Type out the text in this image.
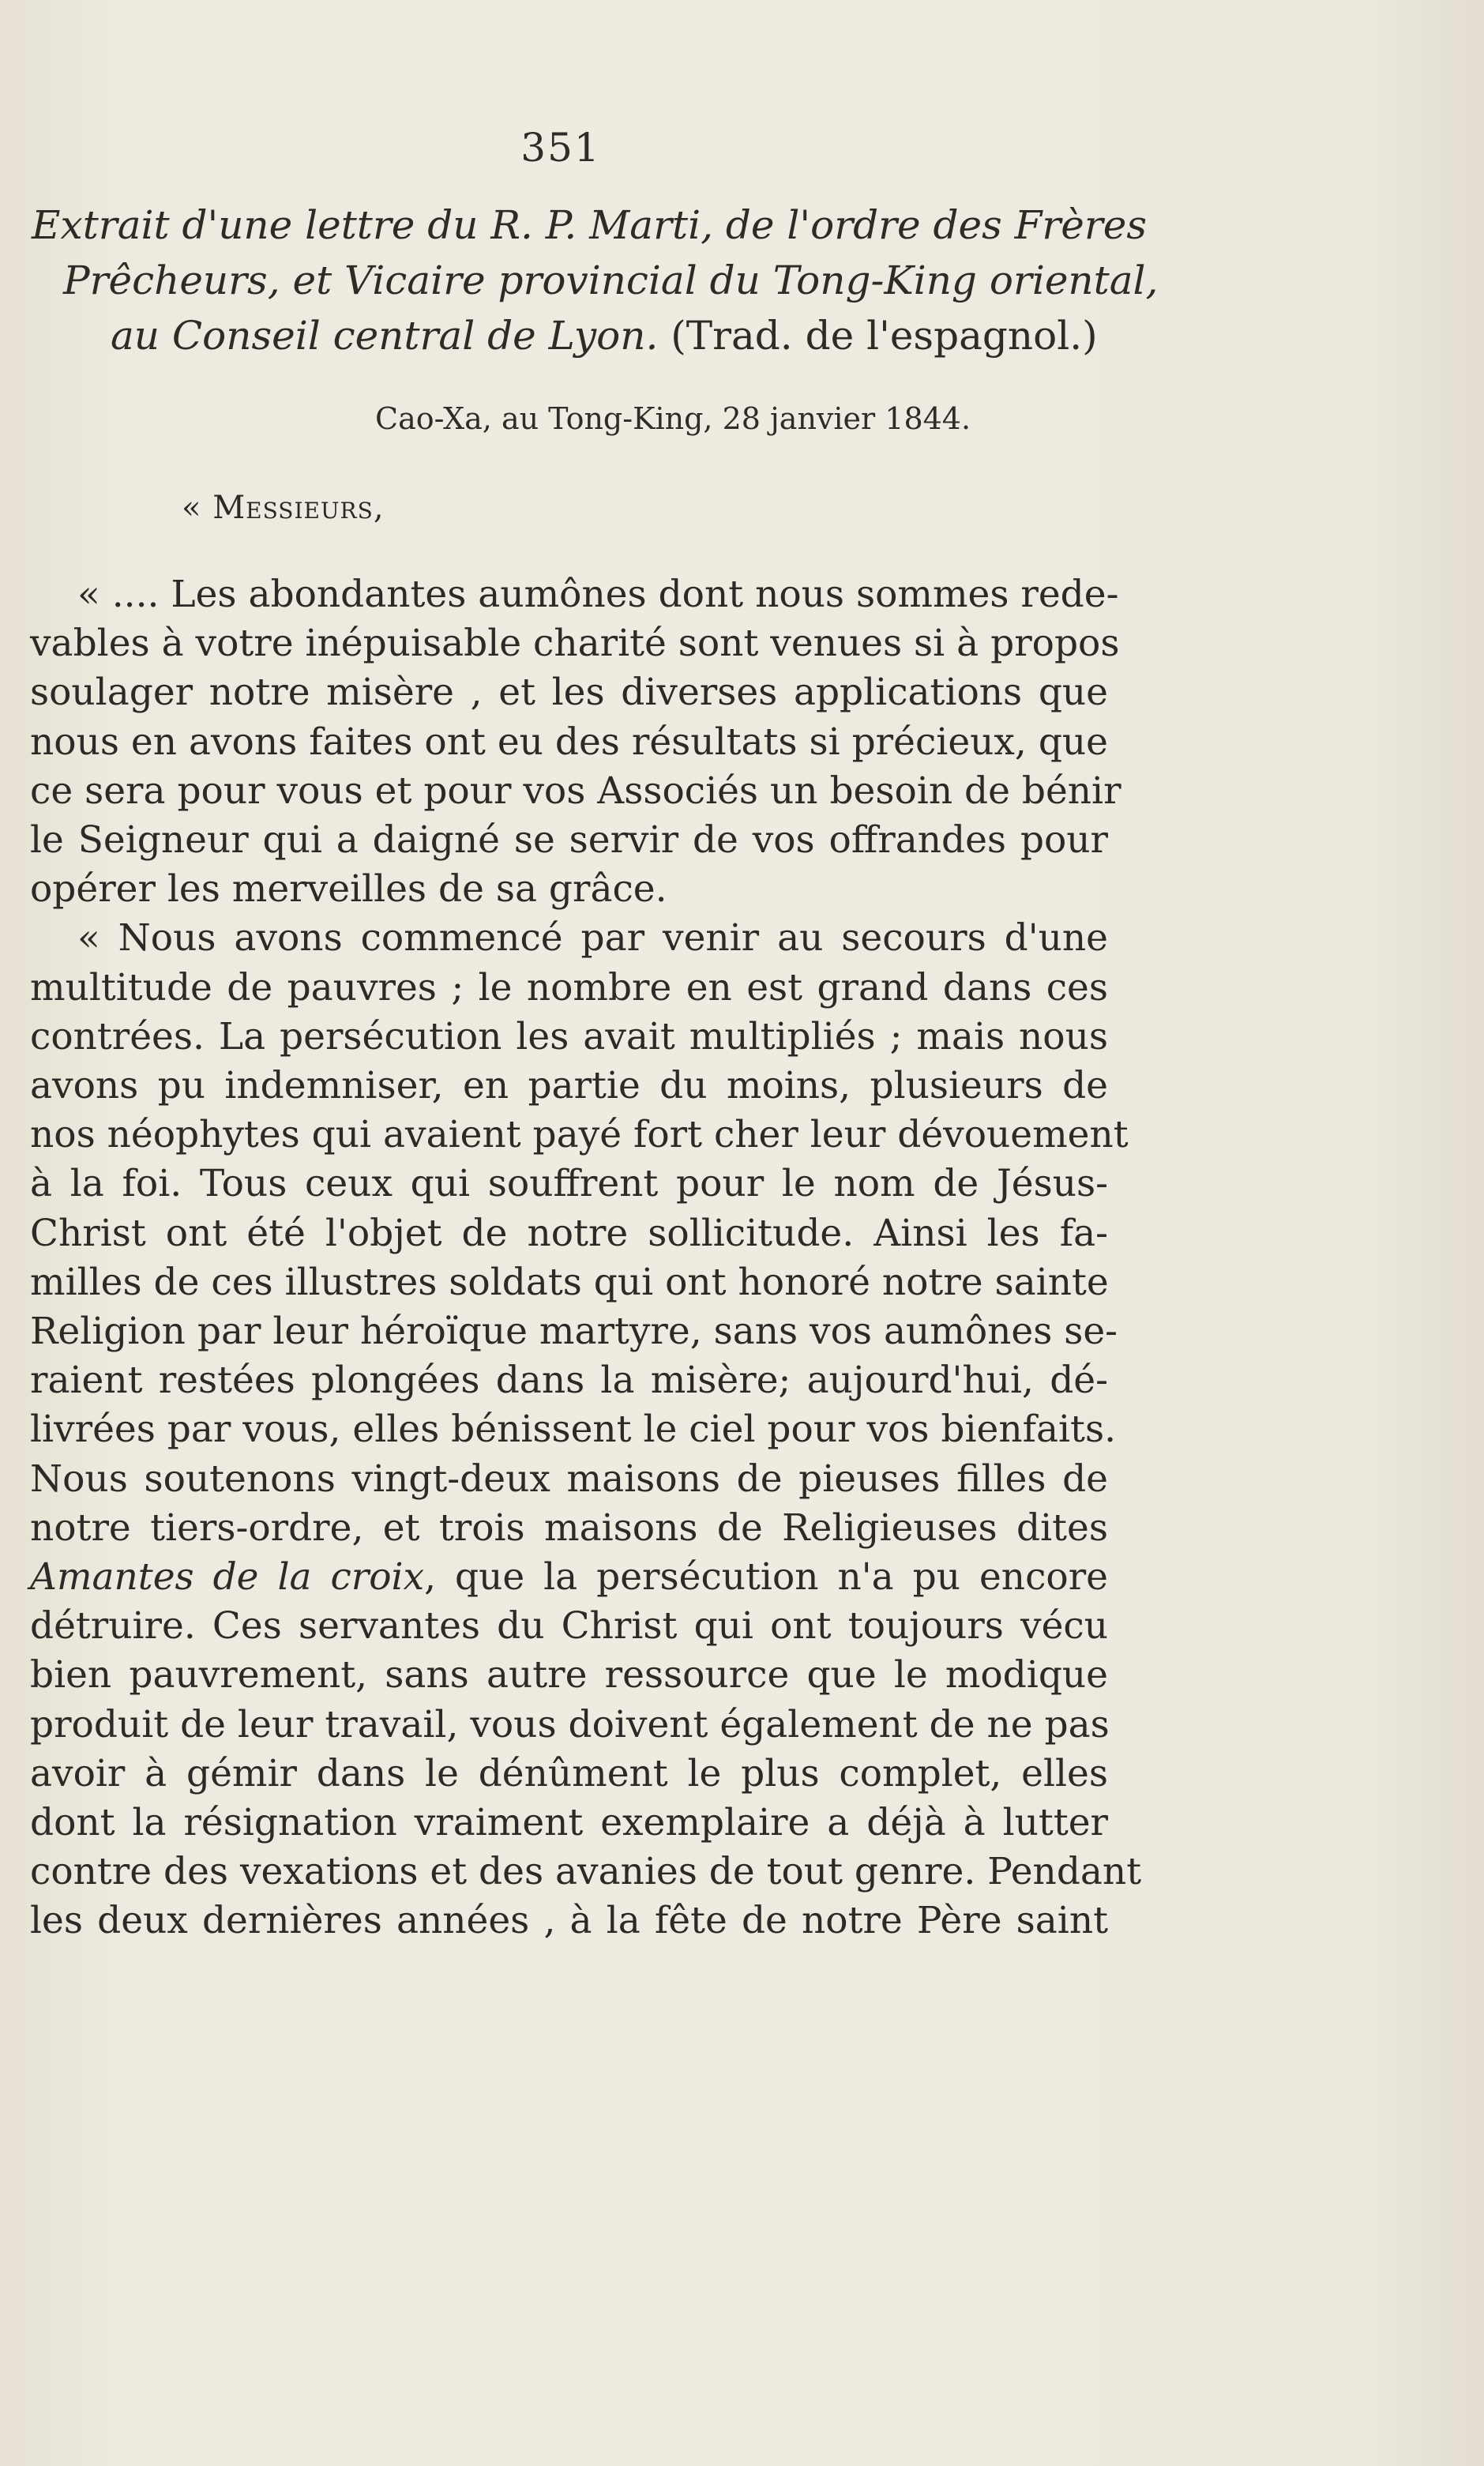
351
Extrait d'une lettre du R. P. Marti, de l'ordre des Frères
Prêcheurs, et Vicaire provincial du Tong-King oriental,
au Conseil central de Lyon. (Trad. de l'espagnol.)
Cao-Xa, au Tong-King, 28 janvier 1844.
« Messieurs,
« .... Les abondantes aumônes dont nous sommes rede-
vables à votre inépuisable charité sont venues si à propos
soulager notre misère , et les diverses applications que
nous en avons faites ont eu des résultats si précieux, que
ce sera pour vous et pour vos Associés un besoin de bénir
le Seigneur qui a daigné se servir de vos offrandes pour
opérer les merveilles de sa grâce.
« Nous avons commencé par venir au secours d'une
multitude de pauvres ; le nombre en est grand dans ces
contrées. La persécution les avait multipliés ; mais nous
avons pu indemniser, en partie du moins, plusieurs de
nos néophytes qui avaient payé fort cher leur dévouement
à la foi. Tous ceux qui souffrent pour le nom de Jésus-
Christ ont été l'objet de notre sollicitude. Ainsi les fa-
milles de ces illustres soldats qui ont honoré notre sainte
Religion par leur héroïque martyre, sans vos aumônes se-
raient restées plongées dans la misère; aujourd'hui, dé-
livrées par vous, elles bénissent le ciel pour vos bienfaits.
Nous soutenons vingt-deux maisons de pieuses filles de
notre tiers-ordre, et trois maisons de Religieuses dites
Amantes de la croix, que la persécution n'a pu encore
détruire. Ces servantes du Christ qui ont toujours vécu
bien pauvrement, sans autre ressource que le modique
produit de leur travail, vous doivent également de ne pas
avoir à gémir dans le dénûment le plus complet, elles
dont la résignation vraiment exemplaire a déjà à lutter
contre des vexations et des avanies de tout genre. Pendant
les deux dernières années , à la fête de notre Père saint
